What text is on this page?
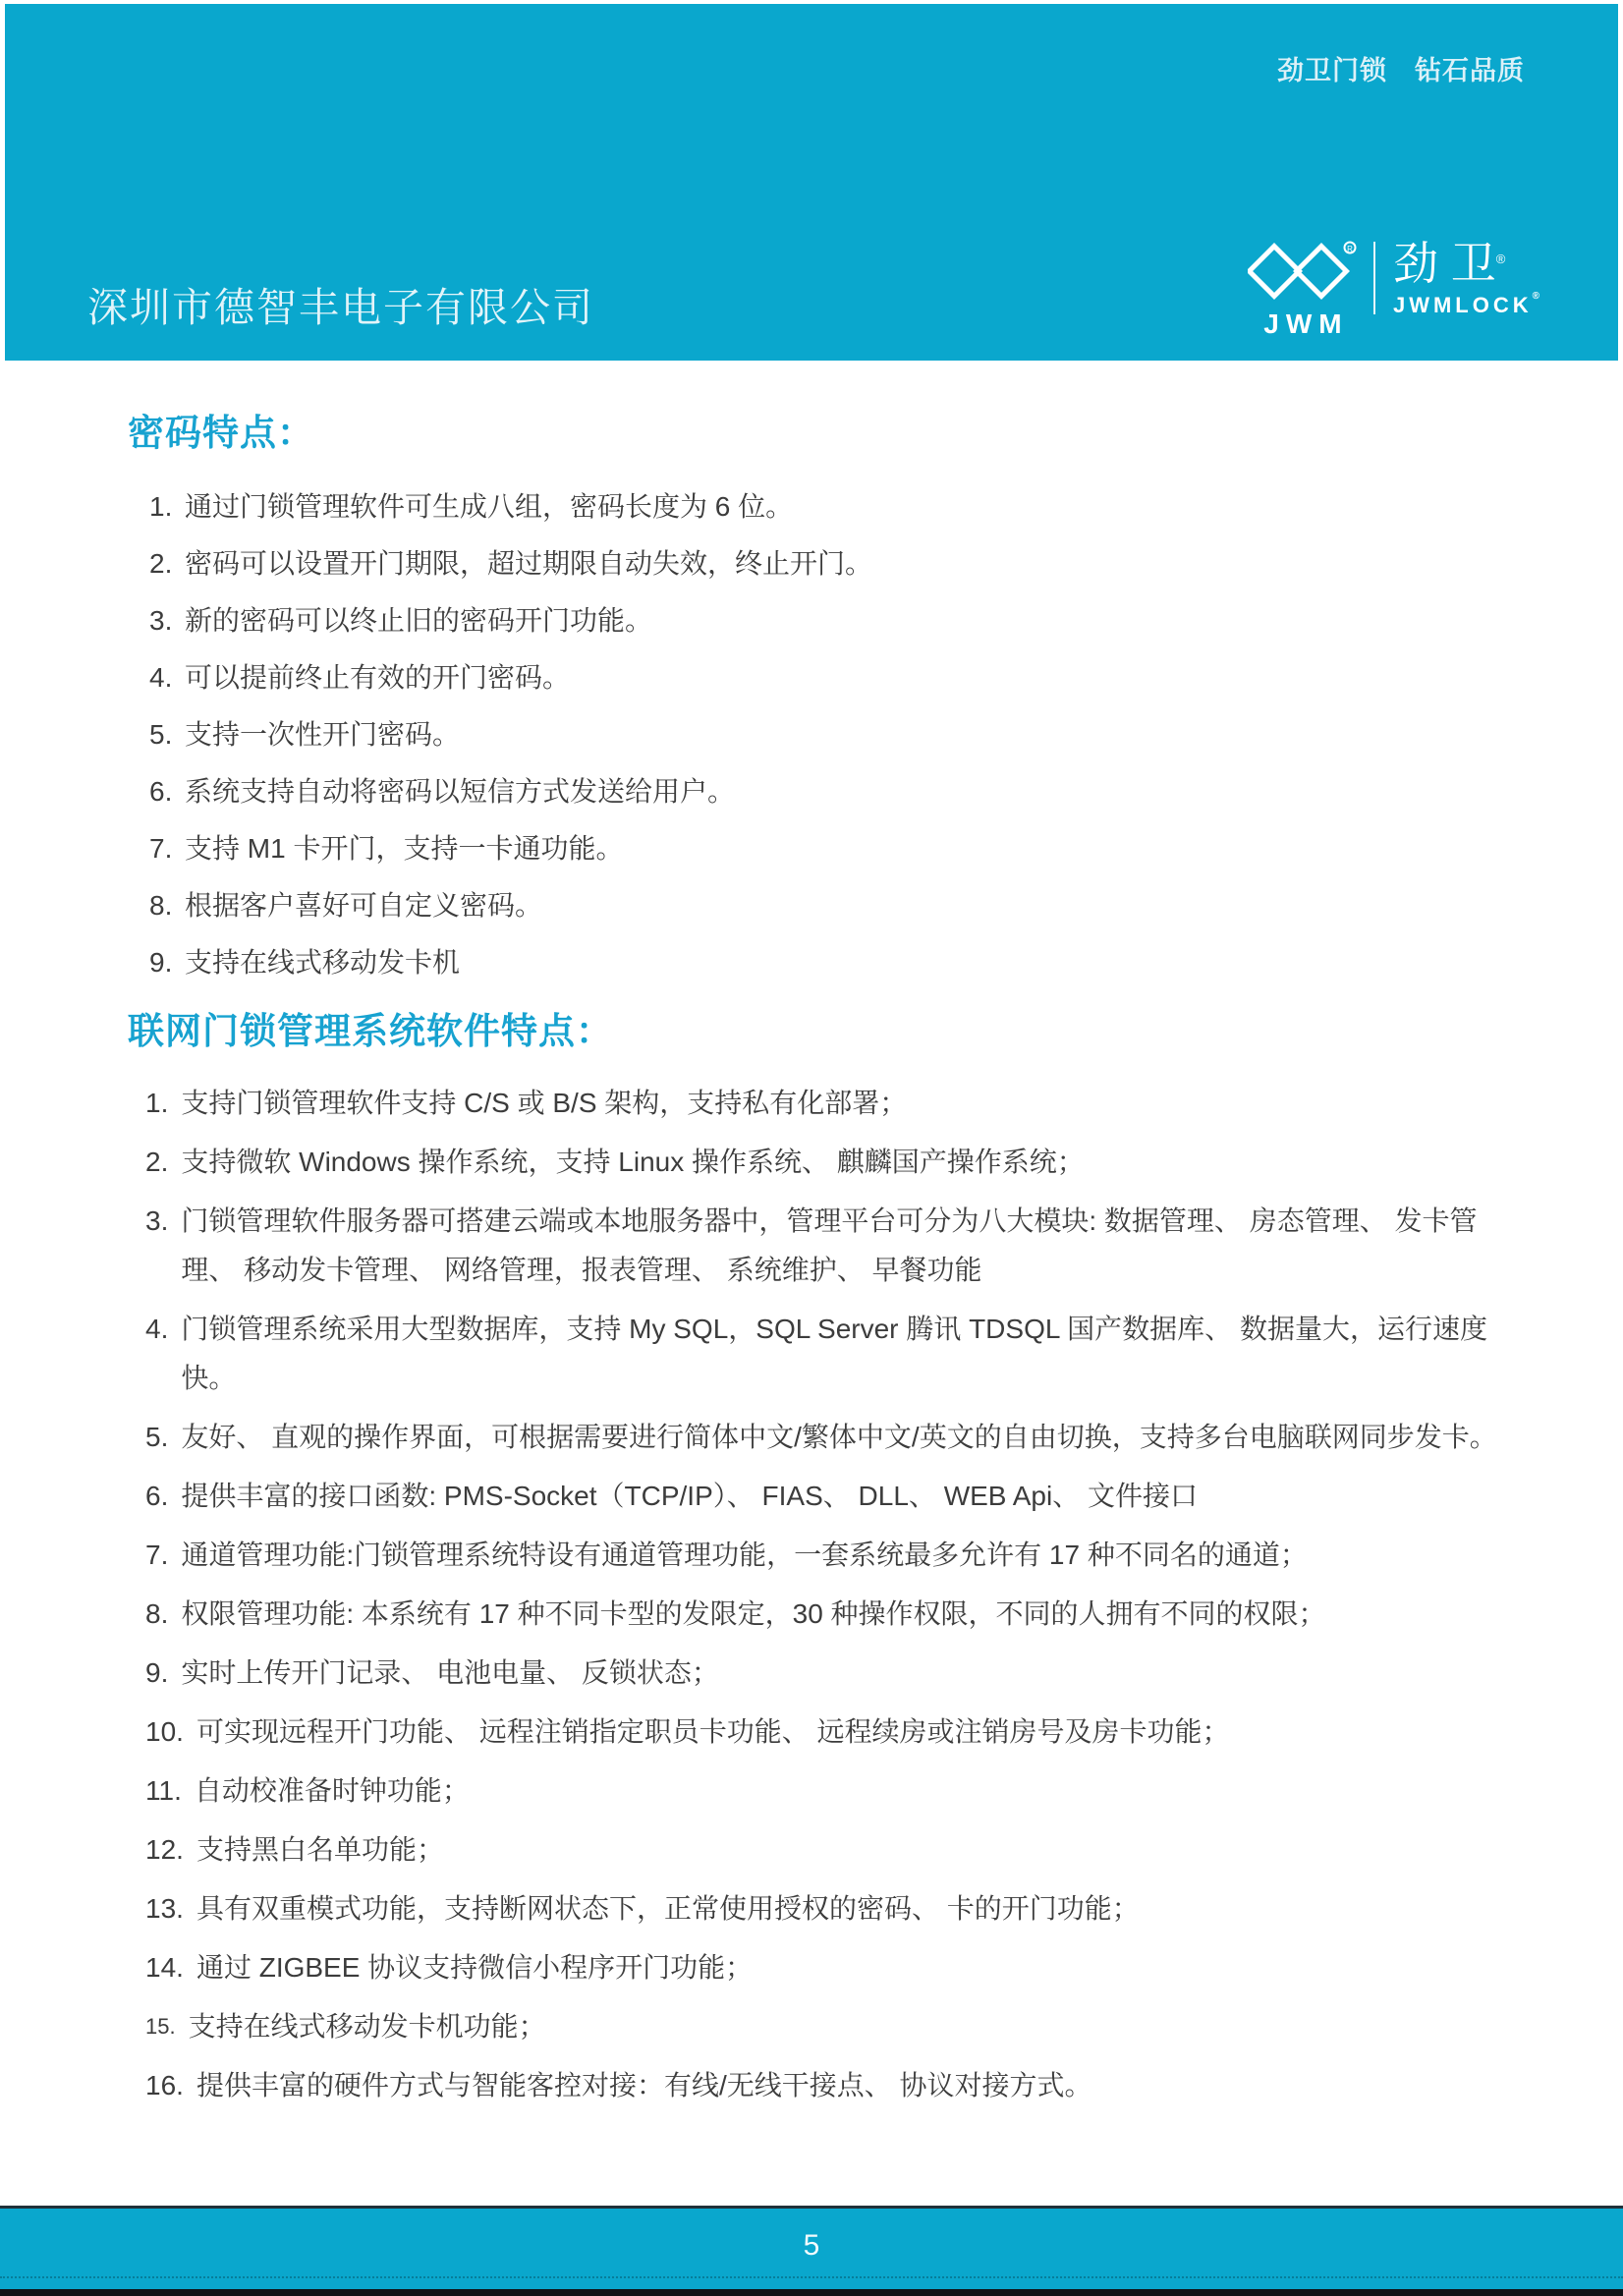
劲卫门锁　钻石品质
深圳市德智丰电子有限公司
R
JWM
劲 卫®
JWMLOCK®
密码特点：
1. 通过门锁管理软件可生成八组，密码长度为 6 位。
2. 密码可以设置开门期限，超过期限自动失效，终止开门。
3. 新的密码可以终止旧的密码开门功能。
4. 可以提前终止有效的开门密码。
5. 支持一次性开门密码。
6. 系统支持自动将密码以短信方式发送给用户。
7. 支持 M1 卡开门，支持一卡通功能。
8. 根据客户喜好可自定义密码。
9. 支持在线式移动发卡机
联网门锁管理系统软件特点：
1. 支持门锁管理软件支持 C/S 或 B/S 架构，支持私有化部署；
2. 支持微软 Windows 操作系统，支持 Linux 操作系统、 麒麟国产操作系统；
3. 门锁管理软件服务器可搭建云端或本地服务器中，管理平台可分为八大模块: 数据管理、 房态管理、 发卡管理、 移动发卡管理、 网络管理，报表管理、 系统维护、 早餐功能
4. 门锁管理系统采用大型数据库，支持 My SQL，SQL Server 腾讯 TDSQL 国产数据库、 数据量大，运行速度快。
5. 友好、 直观的操作界面，可根据需要进行简体中文/繁体中文/英文的自由切换，支持多台电脑联网同步发卡。
6. 提供丰富的接口函数: PMS-Socket（TCP/IP）、 FIAS、 DLL、 WEB Api、 文件接口
7. 通道管理功能:门锁管理系统特设有通道管理功能，一套系统最多允许有 17 种不同名的通道；
8. 权限管理功能: 本系统有 17 种不同卡型的发限定，30 种操作权限，不同的人拥有不同的权限；
9. 实时上传开门记录、 电池电量、 反锁状态；
10. 可实现远程开门功能、 远程注销指定职员卡功能、 远程续房或注销房号及房卡功能；
11. 自动校准备时钟功能；
12. 支持黑白名单功能；
13. 具有双重模式功能，支持断网状态下，正常使用授权的密码、 卡的开门功能；
14. 通过 ZIGBEE 协议支持微信小程序开门功能；
15. 支持在线式移动发卡机功能；
16. 提供丰富的硬件方式与智能客控对接：有线/无线干接点、 协议对接方式。
5
